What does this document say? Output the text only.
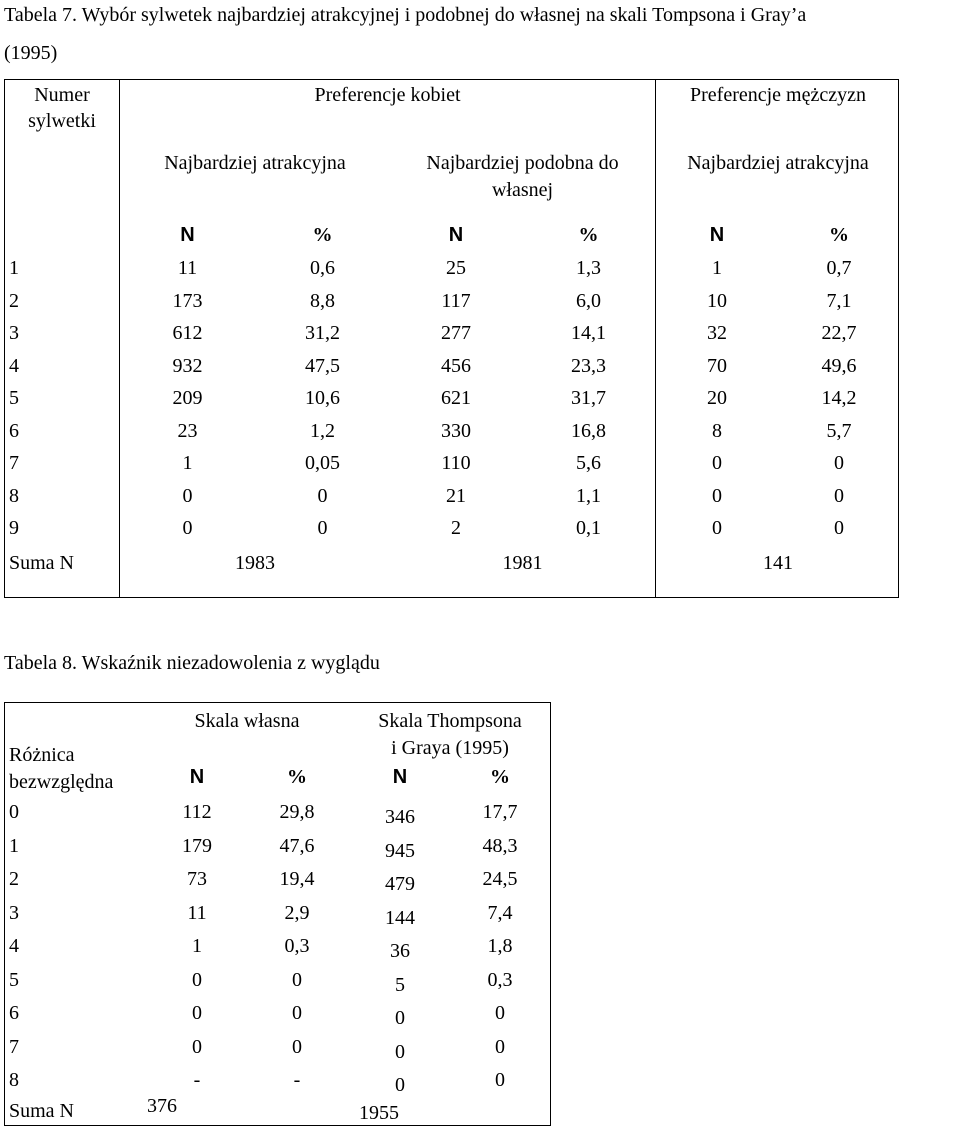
Tabela 7. Wybór sylwetek najbardziej atrakcyjnej i podobnej do własnej na skali Tompsona i Gray’a
(1995)
Numer
sylwetki
Preferencje kobiet	Preferencje mężczyzn
Najbardziej atrakcyjna	Najbardziej podobna do
własnej
Najbardziej atrakcyjna
N	%	N	%	N	%
1	11	0,6	25	1,3	1	0,7
2	173	8,8	117	6,0	10	7,1
3	612	31,2	277	14,1	32	22,7
4	932	47,5	456	23,3	70	49,6
5	209	10,6	621	31,7	20	14,2
6	23	1,2	330	16,8	8	5,7
7	1	0,05	110	5,6	0	0
8	0	0	21	1,1	0	0
9	0	0	2	0,1	0	0
Suma N	1983	1981	141
Tabela 8. Wskaźnik niezadowolenia z wyglądu
Skala własna	Skala Thompsona
i Graya (1995)
Różnica
bezwzględna	N	%	N	%
0	112	29,8	346	17,7
1	179	47,6	945	48,3
2	73	19,4	479	24,5
3	11	2,9	144	7,4
4	1	0,3	36	1,8
5	0	0	5	0,3
6	0	0	0	0
7	0	0	0	0
8	-	-	0	0
Suma N	376	1955
